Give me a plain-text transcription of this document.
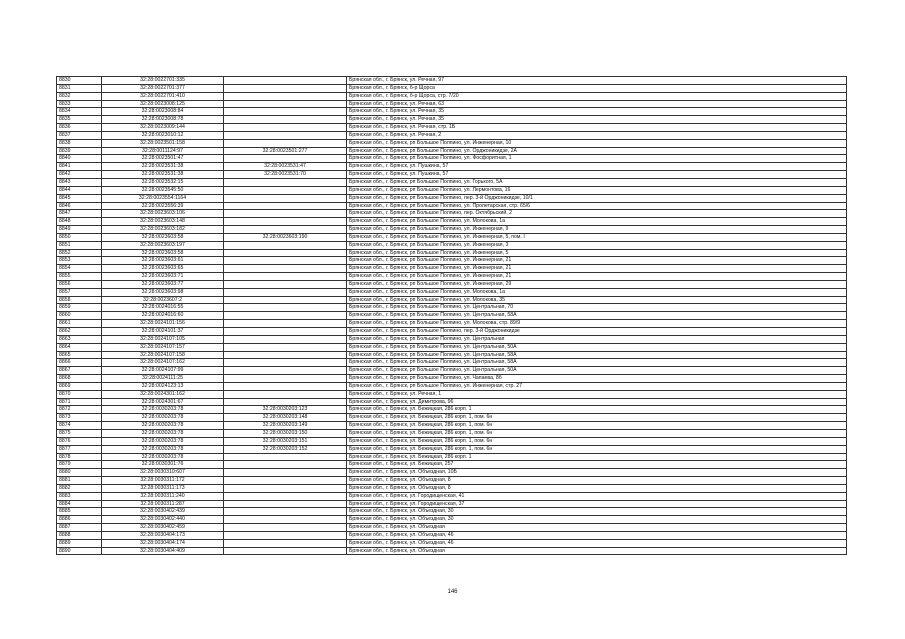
8830	32:28:0022701:335		Брянская обл., г. Брянск, ул. Речная, 97
8831	32:28:0022701:377		Брянская обл., г. Брянск, б-р Щорса
8832	32:28:0022701:410		Брянская обл., г. Брянск, б-р Щорса, стр. 7/20
8833	32:28:0023008:125		Брянская обл., г. Брянск, ул. Речная, 63
8834	32:28:0023008:84		Брянская обл., г. Брянск, ул. Речная, 35
8835	32:28:0023008:78		Брянская обл., г. Брянск, ул. Речная, 35
8836	32:28:0023009:144		Брянская обл., г. Брянск, ул. Речная, стр. 1Б
8837	32:28:0023010:12		Брянская обл., г. Брянск, ул. Речная, 2
8838	32:28:0023501:158		Брянская обл., г. Брянск, рп Большое Полпино, ул. Инженерная, 10
8839	32:28:0011124:97	32:28:0023501:277	Брянская обл., г. Брянск, рп Большое Полпино, ул. Орджоникидзе, 2А
8840	32:28:0023501:47		Брянская обл., г. Брянск, рп Большое Полпино, ул. Фосфоритная, 1
8841	32:28:0023531:38	32:28:0023531:47	Брянская обл., г. Брянск, ул. Пушкина, 57
8842	32:28:0023531:38	32:28:0023531:70	Брянская обл., г. Брянск, ул. Пушкина, 57
8843	32:28:0023532:15		Брянская обл., г. Брянск, рп Большое Полпино, ул. Горького, 5А
8844	32:28:0023545:50		Брянская обл., г. Брянск, рп Большое Полпино, ул. Лермонтова, 16
8845	32:28:0023554:1164		Брянская обл., г. Брянск, рп Большое Полпино, пер. 3-й Орджоникидзе, 10/1
8846	32:28:0023556:39		Брянская обл., г. Брянск, рп Большое Полпино, ул. Пролетарская, стр. 65/6
8847	32:28:0023603:106		Брянская обл., г. Брянск, рп Большое Полпино, пер. Октябрьский, 2
8848	32:28:0023603:148		Брянская обл., г. Брянск, рп Большое Полпино, ул. Молокова, 1а
8849	32:28:0023603:182		Брянская обл., г. Брянск, рп Большое Полпино, ул. Инженерная, 9
8850	32:28:0023603:58	32:28:0023603:190	Брянская обл., г. Брянск, рп Большое Полпино, ул. Инженерная, 5, пом. I
8851	32:28:0023603:197		Брянская обл., г. Брянск, рп Большое Полпино, ул. Инженерная, 3
8852	32:28:0023603:58		Брянская обл., г. Брянск, рп Большое Полпино, ул. Инженерная, 5
8853	32:28:0023603:61		Брянская обл., г. Брянск, рп Большое Полпино, ул. Инженерная, 21
8854	32:28:0023603:65		Брянская обл., г. Брянск, рп Большое Полпино, ул. Инженерная, 21
8855	32:28:0023603:71		Брянская обл., г. Брянск, рп Большое Полпино, ул. Инженерная, 21
8856	32:28:0023603:77		Брянская обл., г. Брянск, рп Большое Полпино, ул. Инженерная, 29
8857	32:28:0023603:98		Брянская обл., г. Брянск, рп Большое Полпино, ул. Молокова, 1а
8858	32:28:0023607:2		Брянская обл., г. Брянск, рп Большое Полпино, ул. Молокова, 35
8859	32:28:0024016:55		Брянская обл., г. Брянск, рп Большое Полпино, ул. Центральная, 70
8860	32:28:0024016:60		Брянская обл., г. Брянск, рп Большое Полпино, ул. Центральная, 58А
8861	32:28:0024101:156		Брянская обл., г. Брянск, рп Большое Полпино, ул. Молокова, стр. 89/9
8862	32:28:0024101:37		Брянская обл., г. Брянск, рп Большое Полпино, пер. 3-й Орджоникидзе
8863	32:28:0024107:105		Брянская обл., г. Брянск, рп Большое Полпино, ул. Центральная
8864	32:28:0024107:157		Брянская обл., г. Брянск, рп Большое Полпино, ул. Центральная, 50А
8865	32:28:0024107:158		Брянская обл., г. Брянск, рп Большое Полпино, ул. Центральная, 58А
8866	32:28:0024107:162		Брянская обл., г. Брянск, рп Большое Полпино, ул. Центральная, 58А
8867	32:28:0024107:99		Брянская обл., г. Брянск, рп Большое Полпино, ул. Центральная, 50А
8868	32:28:0024111:25		Брянская обл., г. Брянск, рп Большое Полпино, ул. Чапаева, 8б
8869	32:28:0024123:13		Брянская обл., г. Брянск, рп Большое Полпино, ул. Инженерная, стр. 27
8870	32:28:0024301:162		Брянская обл., г. Брянск, ул. Речная, 1
8871	32:28:0024301:67		Брянская обл., г. Брянск, ул. Димитрова, 96
8872	32:28:0030203:78	32:28:0030203:123	Брянская обл., г. Брянск, ул. Бежицкая, 286 корп. 1
8873	32:28:0030203:78	32:28:0030203:148	Брянская обл., г. Брянск, ул. Бежицкая, 286 корп. 1, пом. 6н
8874	32:28:0030203:78	32:28:0030203:149	Брянская обл., г. Брянск, ул. Бежицкая, 286 корп. 1, пом. 6н
8875	32:28:0030203:78	32:28:0030203:150	Брянская обл., г. Брянск, ул. Бежицкая, 286 корп. 1, пом. 6н
8876	32:28:0030203:78	32:28:0030203:151	Брянская обл., г. Брянск, ул. Бежицкая, 286 корп. 1, пом. 6н
8877	32:28:0030203:78	32:28:0030203:152	Брянская обл., г. Брянск, ул. Бежицкая, 286 корп. 1, пом. 6н
8878	32:28:0030203:78		Брянская обл., г. Брянск, ул. Бежицкая, 286 корп. 1
8879	32:28:0030301:76		Брянская обл., г. Брянск, ул. Бежицкая, 257
8880	32:28:0030310:607		Брянская обл., г. Брянск, ул. Объездная, 10Б
8881	32:28:0030311:172		Брянская обл., г. Брянск, ул. Объездная, 8
8882	32:28:0030311:173		Брянская обл., г. Брянск, ул. Объездная, 8
8883	32:28:0030311:240		Брянская обл., г. Брянск, ул. Городищенская, 41
8884	32:28:0030311:287		Брянская обл., г. Брянск, ул. Городищенская, 37
8885	32:28:0030402:439		Брянская обл., г. Брянск, ул. Объездная, 30
8886	32:28:0030402:440		Брянская обл., г. Брянск, ул. Объездная, 30
8887	32:28:0030402:459		Брянская обл., г. Брянск, ул. Объездная
8888	32:28:0030404:173		Брянская обл., г. Брянск, ул. Объездная, 46
8889	32:28:0030404:174		Брянская обл., г. Брянск, ул. Объездная, 46
8890	32:28:0030404:409		Брянская обл., г. Брянск, ул. Объездная
146
